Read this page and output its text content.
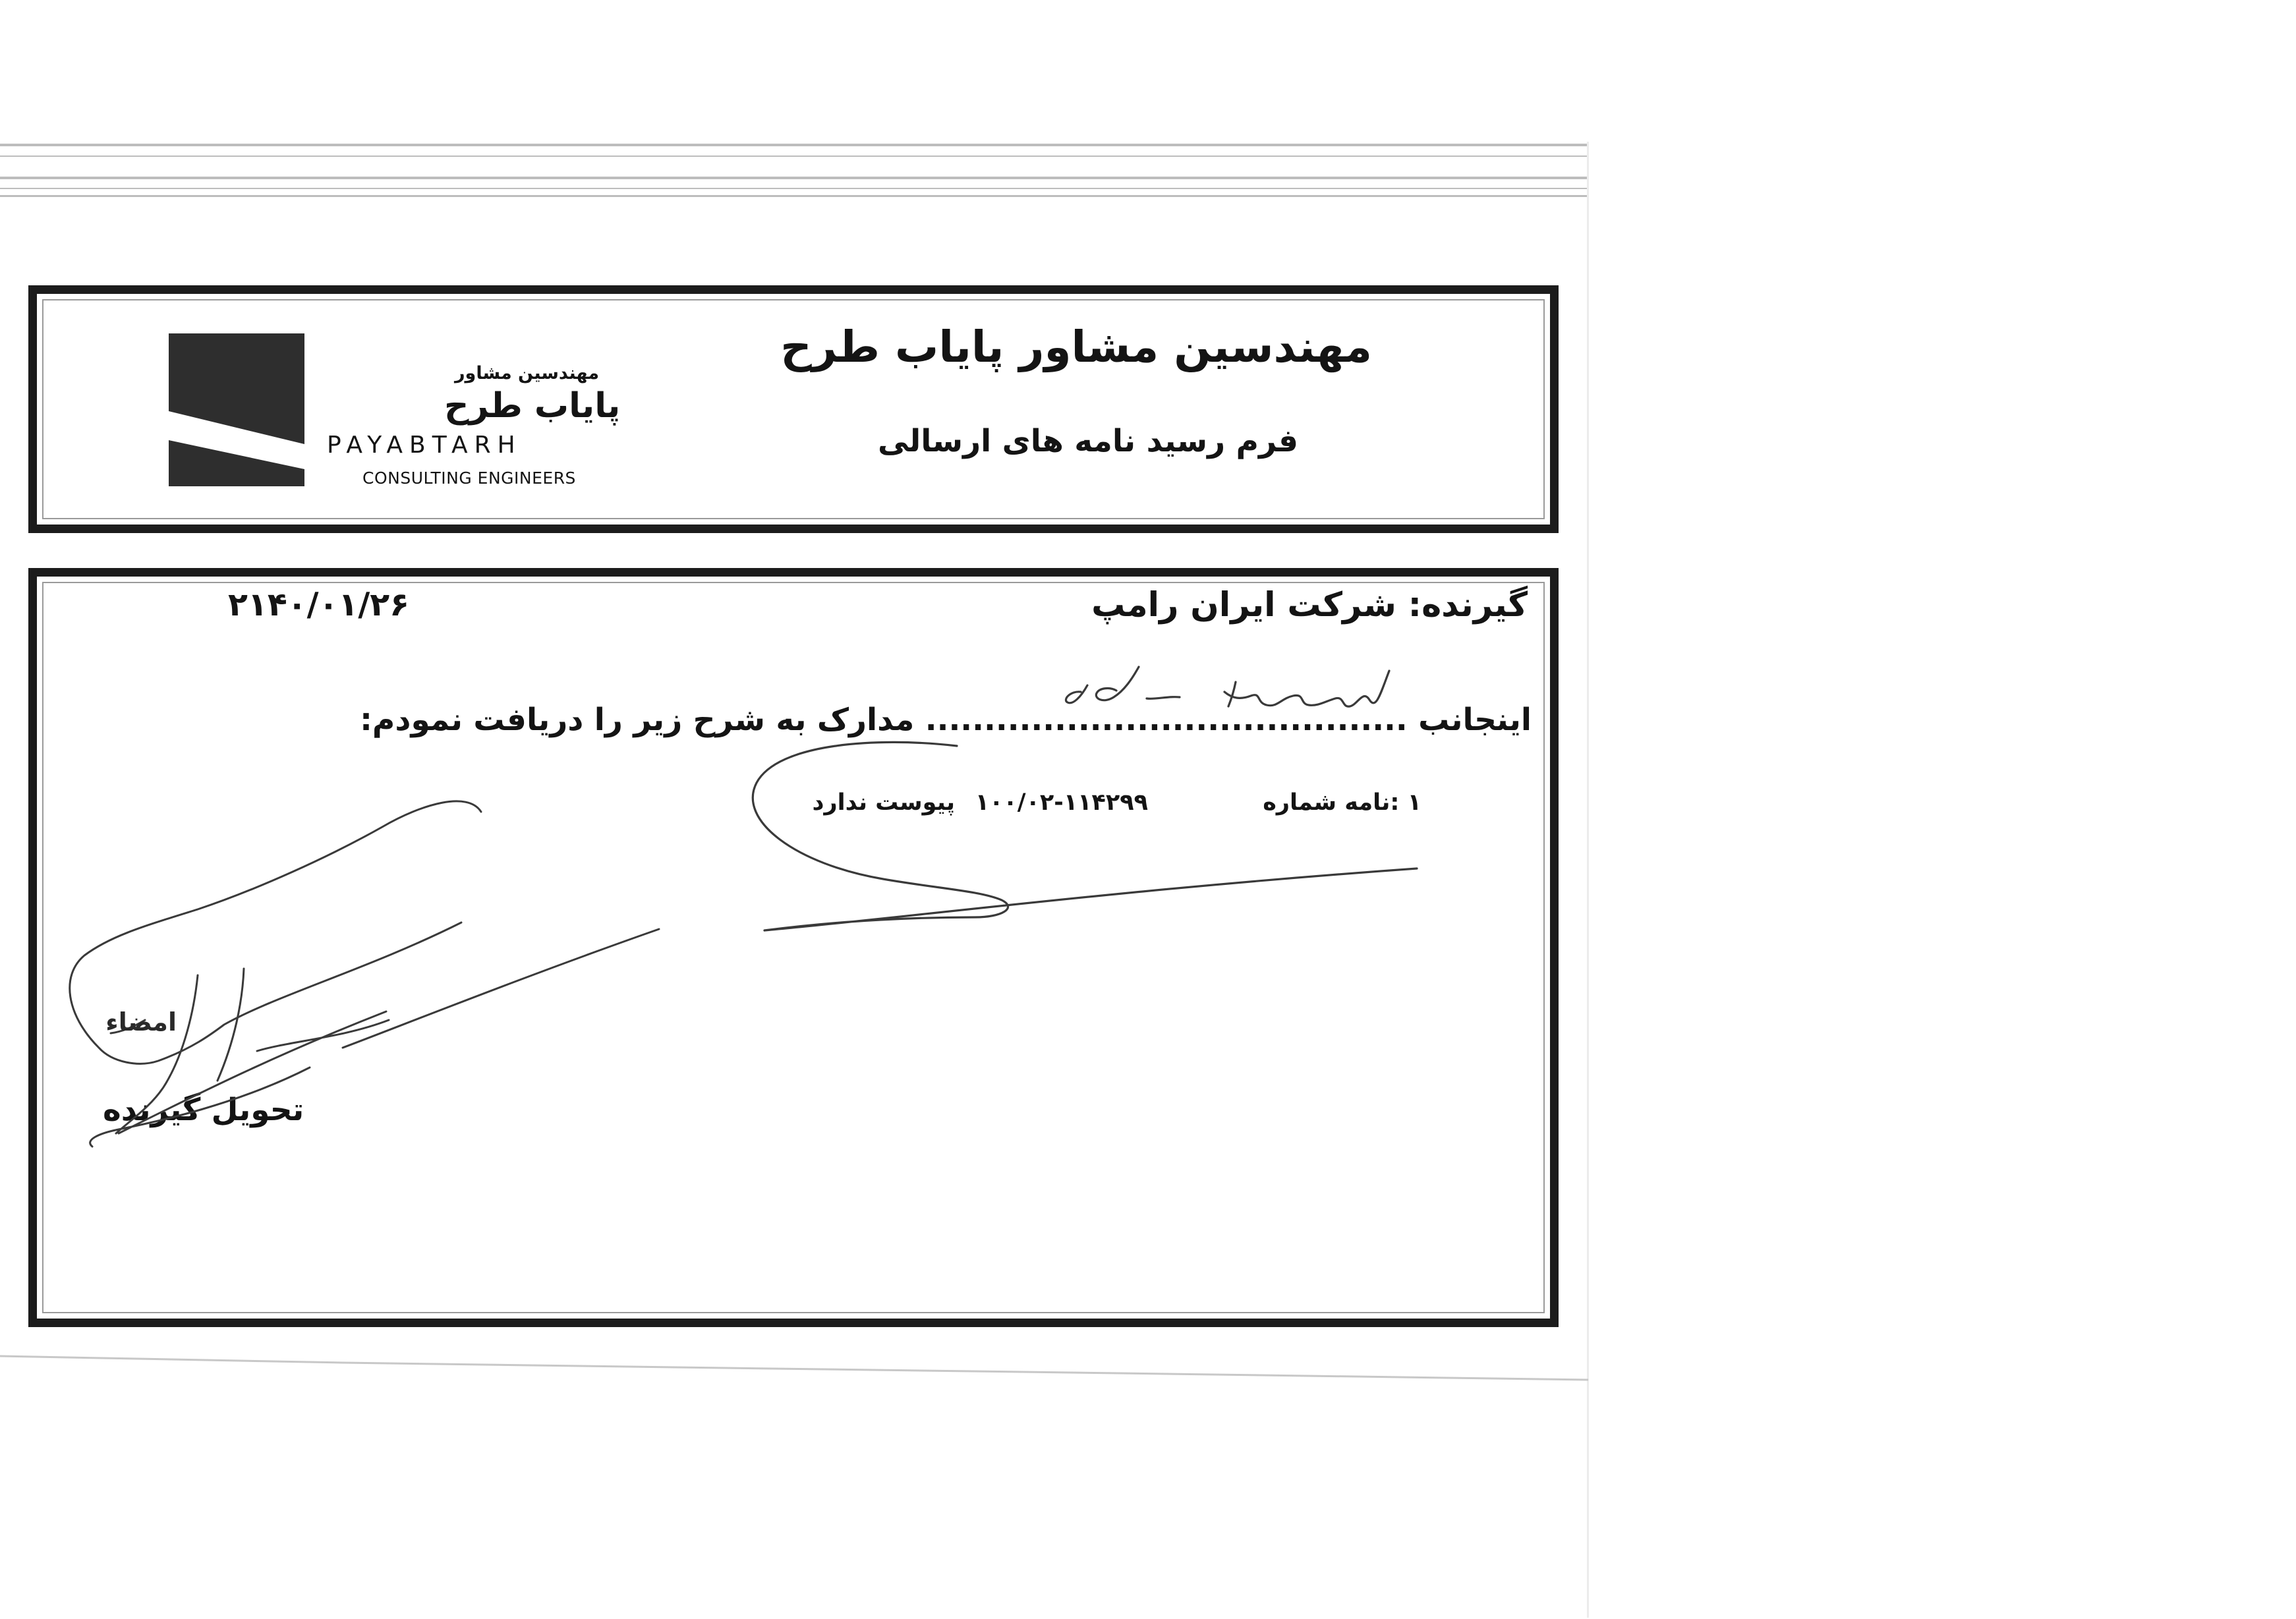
مهندسین مشاور
پایاب طرح
PAYABTARH
CONSULTING ENGINEERS
مهندسین مشاور پایاب طرح
فرم رسید نامه های ارسالی
گیرنده: شرکت ایران رامپ
۲۱۴۰/۰۱/۲۶
اینجانب ......................................... مدارک به شرح زیر را دریافت نمودم:
۱ :نامه شماره
۱۰۰/۰۲-۱۱۴۲۹۹
پیوست ندارد
تحویل گیرنده
امضاء
